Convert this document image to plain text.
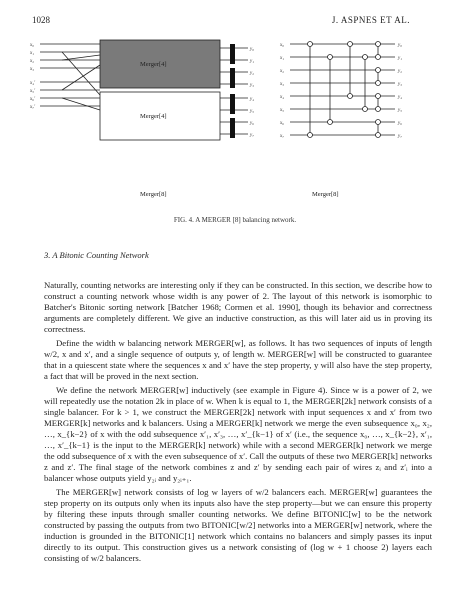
1028	J. ASPNES ET AL.
Merger[4]
Merger[4]
x₀
x₁
x₂
x₃
x₄'
x₅'
x₆'
x₇'
y₀
y₁
y₂
y₃
y₄
y₅
y₆
y₇
x₀
x₁
x₂
x₃
x₄
x₅
x₆
x₇
y₀
y₁
y₂
y₃
y₄
y₅
y₆
y₇
Merger[8]	Merger[8]
FIG. 4. A MERGER [8] balancing network.
3. A Bitonic Counting Network

Naturally, counting networks are interesting only if they can be constructed. In this section, we describe how to construct a counting network whose width is any power of 2. The layout of this network is isomorphic to Batcher's Bitonic sorting network [Batcher 1968; Cormen et al. 1990], though its behavior and correctness arguments are completely different. We give an inductive construction, as this will later aid us in proving its correctness.

Define the width w balancing network MERGER[w], as follows. It has two sequences of inputs of length w/2, x and x′, and a single sequence of outputs y, of length w. MERGER[w] will be constructed to guarantee that in a quiescent state where the sequences x and x′ have the step property, y will also have the step property, a fact that will be proved in the next section.

We define the network MERGER[w] inductively (see example in Figure 4). Since w is a power of 2, we will repeatedly use the notation 2k in place of w. When k is equal to 1, the MERGER[2k] network consists of a single balancer. For k > 1, we construct the MERGER[2k] network with input sequences x and x′ from two MERGER[k] networks and k balancers. Using a MERGER[k] network we merge the even subsequence x₀, x₂, …, x_{k−2} of x with the odd subsequence x′₁, x′₃, …, x′_{k−1} of x′ (i.e., the sequence x₀, …, x_{k−2}, x′₁, …, x′_{k−1} is the input to the MERGER[k] network) while with a second MERGER[k] network we merge the odd subsequence of x with the even subsequence of x′. Call the outputs of these two MERGER[k] networks z and z′. The final stage of the network combines z and z′ by sending each pair of wires zᵢ and z′ᵢ into a balancer whose outputs yield y₂ᵢ and y₂ᵢ₊₁.

The MERGER[w] network consists of log w layers of w/2 balancers each. MERGER[w] guarantees the step property on its outputs only when its inputs also have the step property—but we can ensure this property by filtering these inputs through smaller counting networks. We define BITONIC[w] to be the network constructed by passing the outputs from two BITONIC[w/2] networks into a MERGER[w] network, where the induction is grounded in the BITONIC[1] network which contains no balancers and simply passes its input directly to its output. This construction gives us a network consisting of (log w + 1 choose 2) layers each consisting of w/2 balancers.
